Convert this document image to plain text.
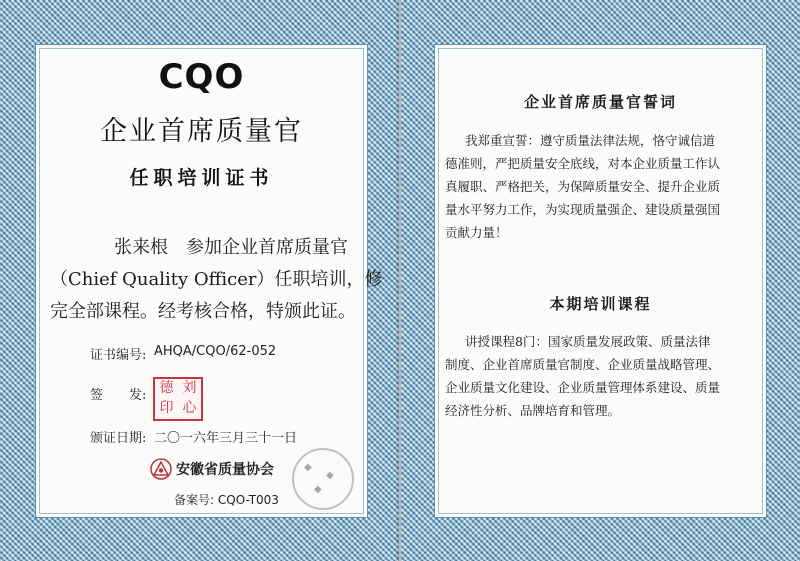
CQO
企业首席质量官
任职培训证书
张来根　参加企业首席质量官
（Chief Quality Officer）任职培训，修
完全部课程。经考核合格，特颁此证。
证书编号: AHQA/CQO/62-052
签　　发: 德 刘
印 心
颁证日期: 二〇一六年三月三十一日
安徽省质量协会
备案号: CQO-T003
◆
◆
◆
企业首席质量官誓词
我郑重宣誓：遵守质量法律法规，恪守诚信道
德准则，严把质量安全底线，对本企业质量工作认
真履职、严格把关，为保障质量安全、提升企业质
量水平努力工作，为实现质量强企、建设质量强国
贡献力量！
本期培训课程
讲授课程8门：国家质量发展政策、质量法律
制度、企业首席质量官制度、企业质量战略管理、
企业质量文化建设、企业质量管理体系建设、质量
经济性分析、品牌培育和管理。
